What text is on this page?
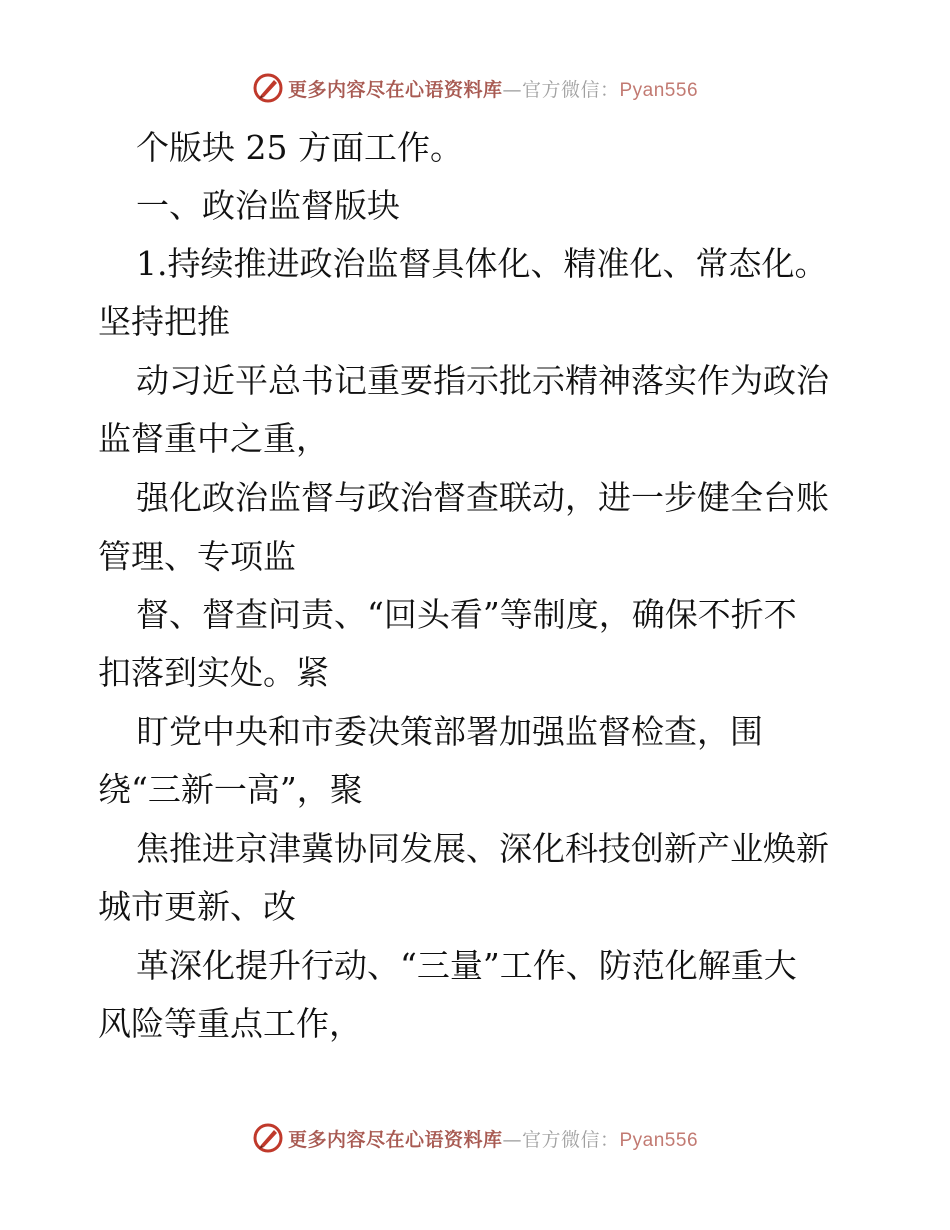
更多内容尽在心语资料库—官方微信：Pyan556
个版块 25 方面工作。
一、政治监督版块
1.持续推进政治监督具体化、精准化、常态化。
坚持把推
动习近平总书记重要指示批示精神落实作为政治
监督重中之重，
强化政治监督与政治督查联动，进一步健全台账
管理、专项监
督、督查问责、“回头看”等制度，确保不折不
扣落到实处。紧
盯党中央和市委决策部署加强监督检查，围
绕“三新一高”，聚
焦推进京津冀协同发展、深化科技创新产业焕新
城市更新、改
革深化提升行动、“三量”工作、防范化解重大
风险等重点工作，
更多内容尽在心语资料库—官方微信：Pyan556
